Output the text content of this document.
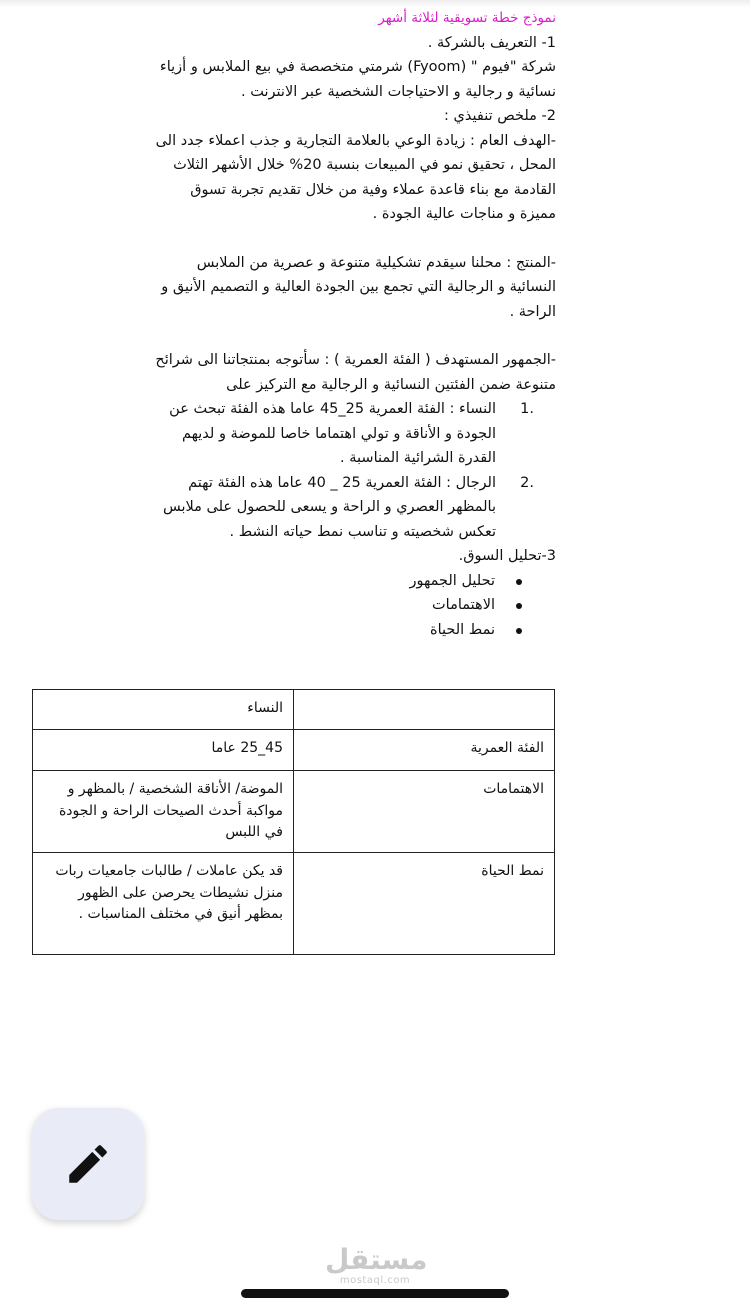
نموذج خطة تسويقية لثلاثة أشهر

1- التعريف بالشركة .

شركة "فيوم " (Fyoom) شرمتي متخصصة في بيع الملابس و أزياء نسائية و رجالية و الاحتياجات الشخصية عبر الانترنت .

2- ملخص تنفيذي :

-الهدف العام : زيادة الوعي بالعلامة التجارية و جذب اعملاء جدد الى المحل ، تحقيق نمو في المبيعات بنسبة 20% خلال الأشهر الثلاث القادمة مع بناء قاعدة عملاء وفية من خلال تقديم تجربة تسوق مميزة و مناجات عالية الجودة .

-المنتج : محلنا سيقدم تشكيلية متنوعة و عصرية من الملابس النسائية و الرجالية التي تجمع بين الجودة العالية و التصميم الأنيق و الراحة .

-الجمهور المستهدف ( الفئة العمرية ) : سأتوجه بمنتجاتنا الى شرائح متنوعة ضمن الفئتين النسائية و الرجالية مع التركيز على

1.
النساء : الفئة العمرية 25_45 عاما هذه الفئة تبحث عن الجودة و الأناقة و تولي اهتماما خاصا للموضة و لديهم القدرة الشرائية المناسبة .
2.
الرجال : الفئة العمرية 25 _ 40 عاما هذه الفئة تهتم بالمظهر العصري و الراحة و يسعى للحصول على ملابس تعكس شخصيته و تناسب نمط حياته النشط .

3-تحليل السوق.

تحليل الجمهور
الاهتمامات
نمط الحياة
	النساء
الفئة العمرية	45_25 عاما
الاهتمامات	الموضة/ الأناقة الشخصية / بالمظهر و مواكبة أحدث الصيحات الراحة و الجودة في اللبس
نمط الحياة	قد يكن عاملات / طالبات جامعيات ربات منزل نشيطات يحرصن على الظهور بمظهر أنيق في مختلف المناسبات .
مستقل
mostaql.com
